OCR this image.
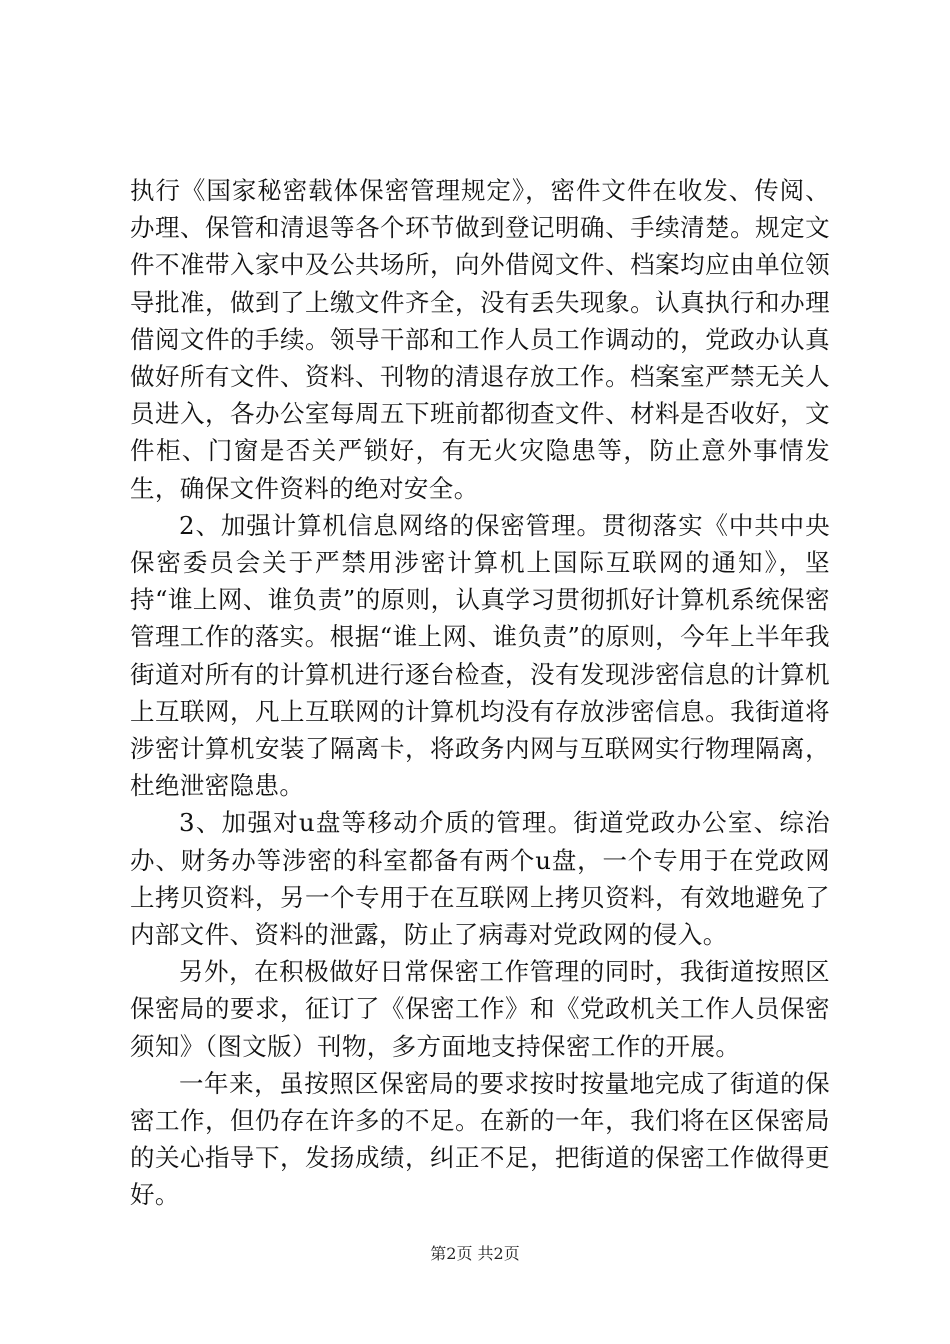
执行《国家秘密载体保密管理规定》，密件文件在收发、传阅、办理、保管和清退等各个环节做到登记明确、手续清楚。规定文件不准带入家中及公共场所，向外借阅文件、档案均应由单位领导批准，做到了上缴文件齐全，没有丢失现象。认真执行和办理借阅文件的手续。领导干部和工作人员工作调动的，党政办认真做好所有文件、资料、刊物的清退存放工作。档案室严禁无关人员进入，各办公室每周五下班前都彻查文件、材料是否收好，文件柜、门窗是否关严锁好，有无火灾隐患等，防止意外事情发生，确保文件资料的绝对安全。

2、加强计算机信息网络的保密管理。贯彻落实《中共中央保密委员会关于严禁用涉密计算机上国际互联网的通知》，坚持“谁上网、谁负责”的原则，认真学习贯彻抓好计算机系统保密管理工作的落实。根据“谁上网、谁负责”的原则，今年上半年我街道对所有的计算机进行逐台检查，没有发现涉密信息的计算机上互联网，凡上互联网的计算机均没有存放涉密信息。我街道将涉密计算机安装了隔离卡，将政务内网与互联网实行物理隔离，杜绝泄密隐患。

3、加强对u盘等移动介质的管理。街道党政办公室、综治办、财务办等涉密的科室都备有两个u盘，一个专用于在党政网上拷贝资料，另一个专用于在互联网上拷贝资料，有效地避免了内部文件、资料的泄露，防止了病毒对党政网的侵入。

另外，在积极做好日常保密工作管理的同时，我街道按照区保密局的要求，征订了《保密工作》和《党政机关工作人员保密须知》（图文版）刊物，多方面地支持保密工作的开展。

一年来，虽按照区保密局的要求按时按量地完成了街道的保密工作，但仍存在许多的不足。在新的一年，我们将在区保密局的关心指导下，发扬成绩，纠正不足，把街道的保密工作做得更好。

第2页 共2页
